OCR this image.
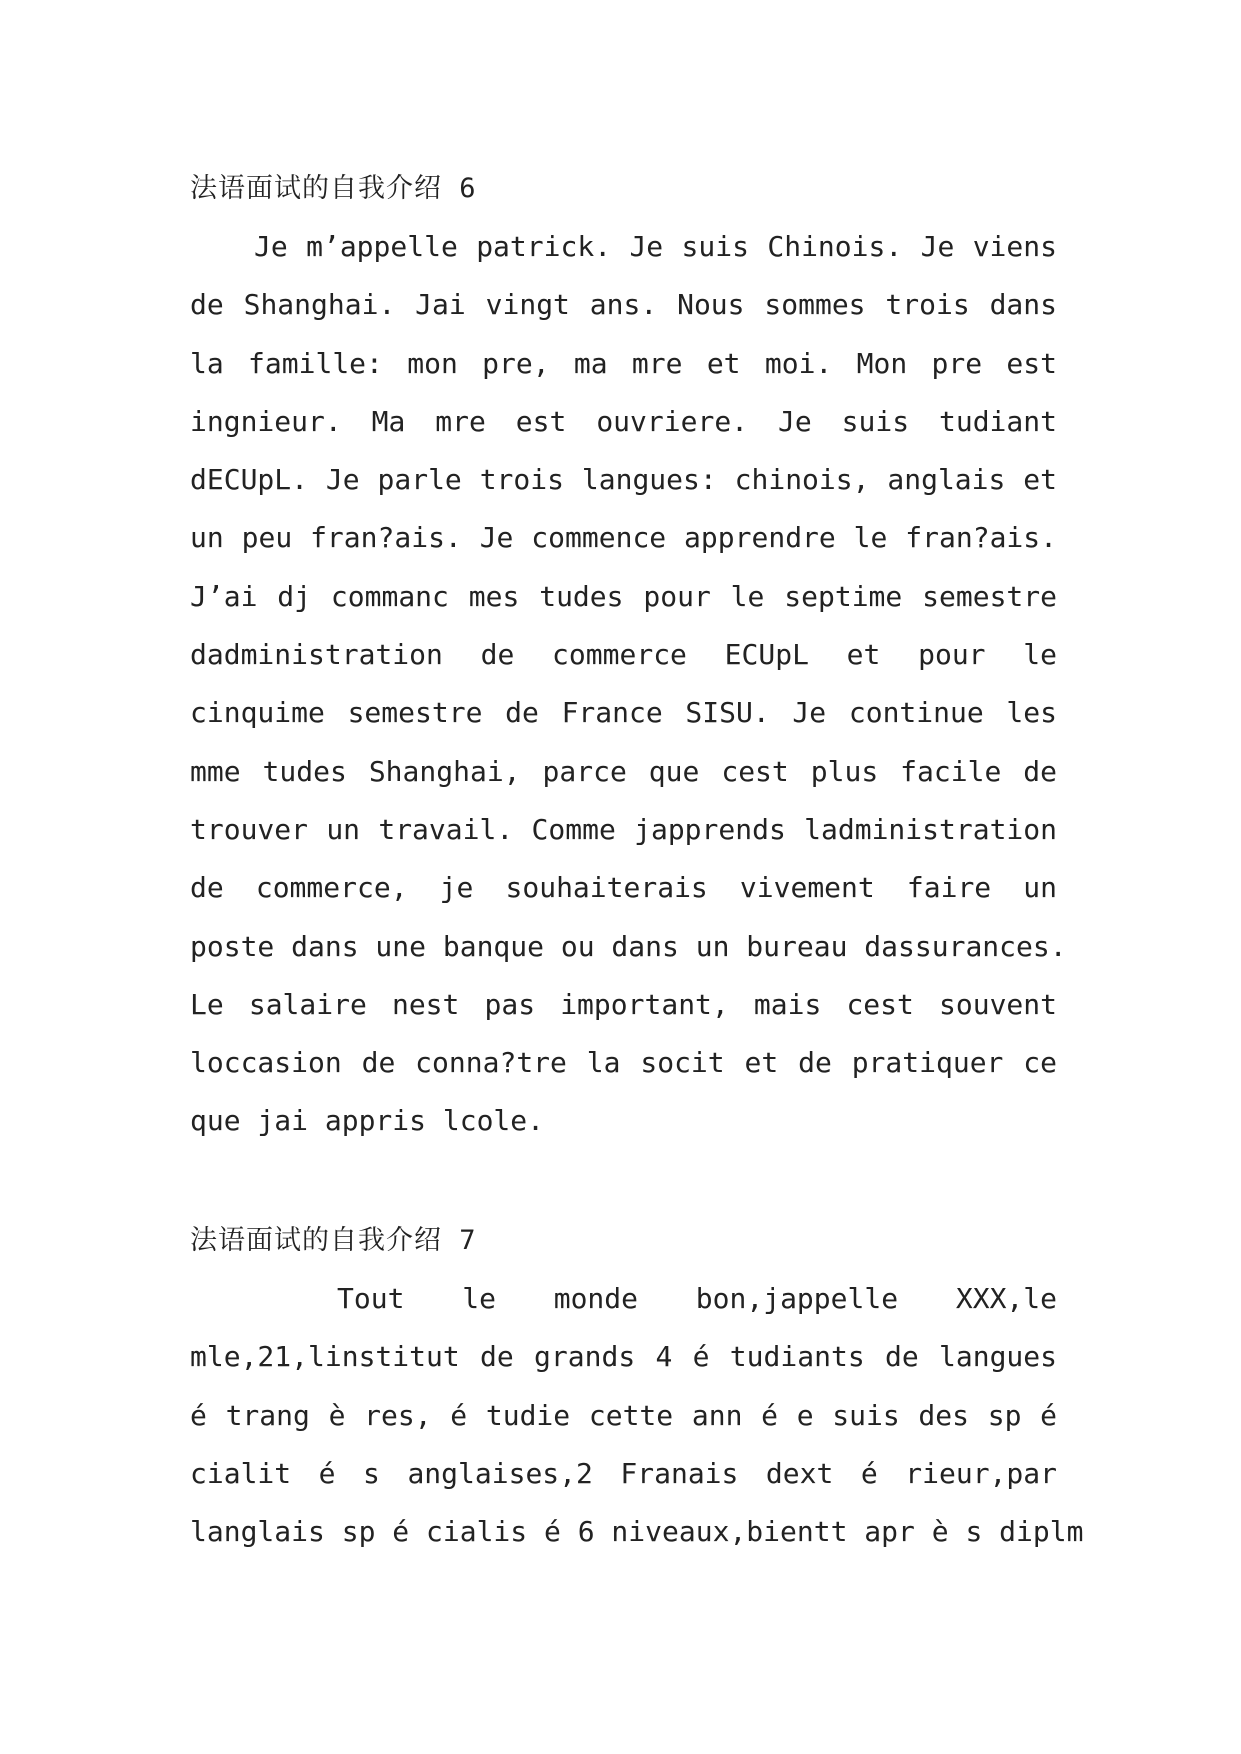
法语面试的自我介绍 6
Je m’appelle patrick. Je suis Chinois. Je viens
de Shanghai. Jai vingt ans. Nous sommes trois dans
la famille: mon pre, ma mre et moi. Mon pre est
ingnieur. Ma mre est ouvriere. Je suis tudiant
dECUpL. Je parle trois langues: chinois, anglais et
un peu fran?ais. Je commence apprendre le fran?ais.
J’ai dj commanc mes tudes pour le septime semestre
dadministration de commerce ECUpL et pour le
cinquime semestre de France SISU. Je continue les
mme tudes Shanghai, parce que cest plus facile de
trouver un travail. Comme japprends ladministration
de commerce, je souhaiterais vivement faire un
poste dans une banque ou dans un bureau dassurances.
Le salaire nest pas important, mais cest souvent
loccasion de conna?tre la socit et de pratiquer ce
que jai appris lcole.
法语面试的自我介绍 7
Tout le monde bon,jappelle XXX,le
mle,21,linstitut de grands 4 é tudiants de langues
é trang è res, é tudie cette ann é e suis des sp é
cialit é s anglaises,2 Franais dext é rieur,par
langlais sp é cialis é 6 niveaux,bientt apr è s diplm
